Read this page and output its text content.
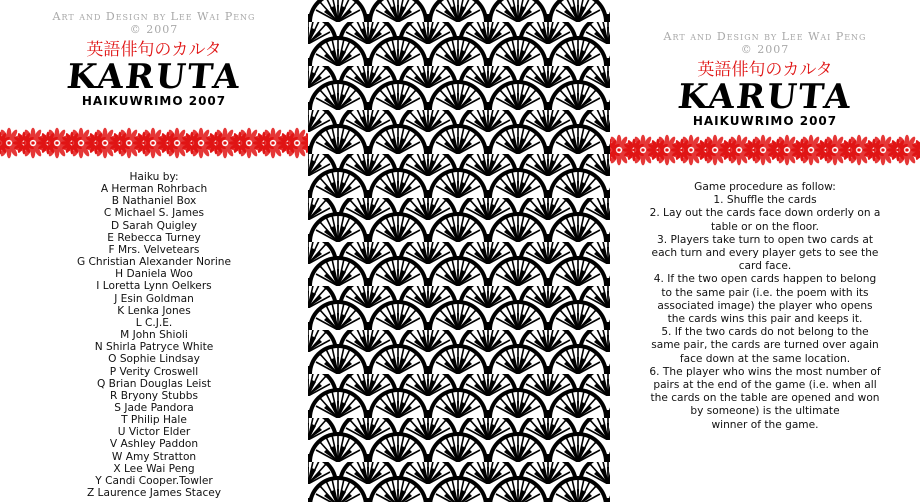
Art and Design by Lee Wai Peng
© 2007
英語俳句のカルタ
KARUTA
HAIKUWRIMO 2007
Haiku by:
A Herman Rohrbach
B Nathaniel Box
C Michael S. James
D Sarah Quigley
E Rebecca Turney
F Mrs. Velvetears
G Christian Alexander Norine
H Daniela Woo
I Loretta Lynn Oelkers
J Esin Goldman
K Lenka Jones
L C.J.E.
M John Shioli
N Shirla Patryce White
O Sophie Lindsay
P Verity Croswell
Q Brian Douglas Leist
R Bryony Stubbs
S Jade Pandora
T Philip Hale
U Victor Elder
V Ashley Paddon
W Amy Stratton
X Lee Wai Peng
Y Candi Cooper.Towler
Z Laurence James Stacey
Art and Design by Lee Wai Peng
© 2007
英語俳句のカルタ
KARUTA
HAIKUWRIMO 2007
Game procedure as follow:
1. Shuffle the cards
2. Lay out the cards face down orderly on a
table or on the floor.
3. Players take turn to open two cards at
each turn and every player gets to see the
card face.
4. If the two open cards happen to belong
to the same pair (i.e. the poem with its
associated image) the player who opens
the cards wins this pair and keeps it.
5. If the two cards do not belong to the
same pair, the cards are turned over again
face down at the same location.
6. The player who wins the most number of
pairs at the end of the game (i.e. when all
the cards on the table are opened and won
by someone) is the ultimate
winner of the game.
